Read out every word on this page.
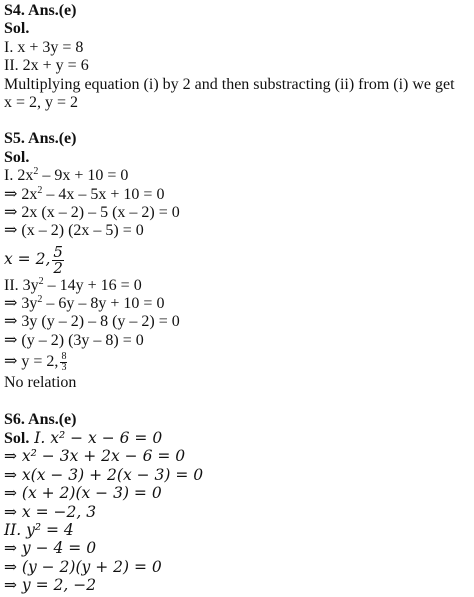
S4. Ans.(e)
Sol.
I. x + 3y = 8
II. 2x + y = 6
Multiplying equation (i) by 2 and then substracting (ii) from (i) we get
x = 2, y = 2
S5. Ans.(e)
Sol.
I. $2x^2 - 9x + 10 = 0$
⇒ $2x^2 - 4x - 5x + 10 = 0$
⇒ 2x (x – 2) – 5 (x – 2) = 0
⇒ (x – 2) (2x – 5) = 0
x = 2, $\frac{5}{2}$
II. $3y^2 - 14y + 16 = 0$
⇒ $3y^2 - 6y - 8y + 10 = 0$
⇒ 3y (y – 2) – 8 (y – 2) = 0
⇒ (y – 2) (3y – 8) = 0
⇒ y = 2, $\frac{8}{3}$
No relation
S6. Ans.(e)
Sol. I. x² − x − 6 = 0
⇒ x² − 3x + 2x − 6 = 0
⇒ x(x − 3) + 2(x − 3) = 0
⇒ (x + 2)(x − 3) = 0
⇒ x = −2, 3
II. y² = 4
⇒ y − 4 = 0
⇒ (y − 2)(y + 2) = 0
⇒ y = 2, −2
